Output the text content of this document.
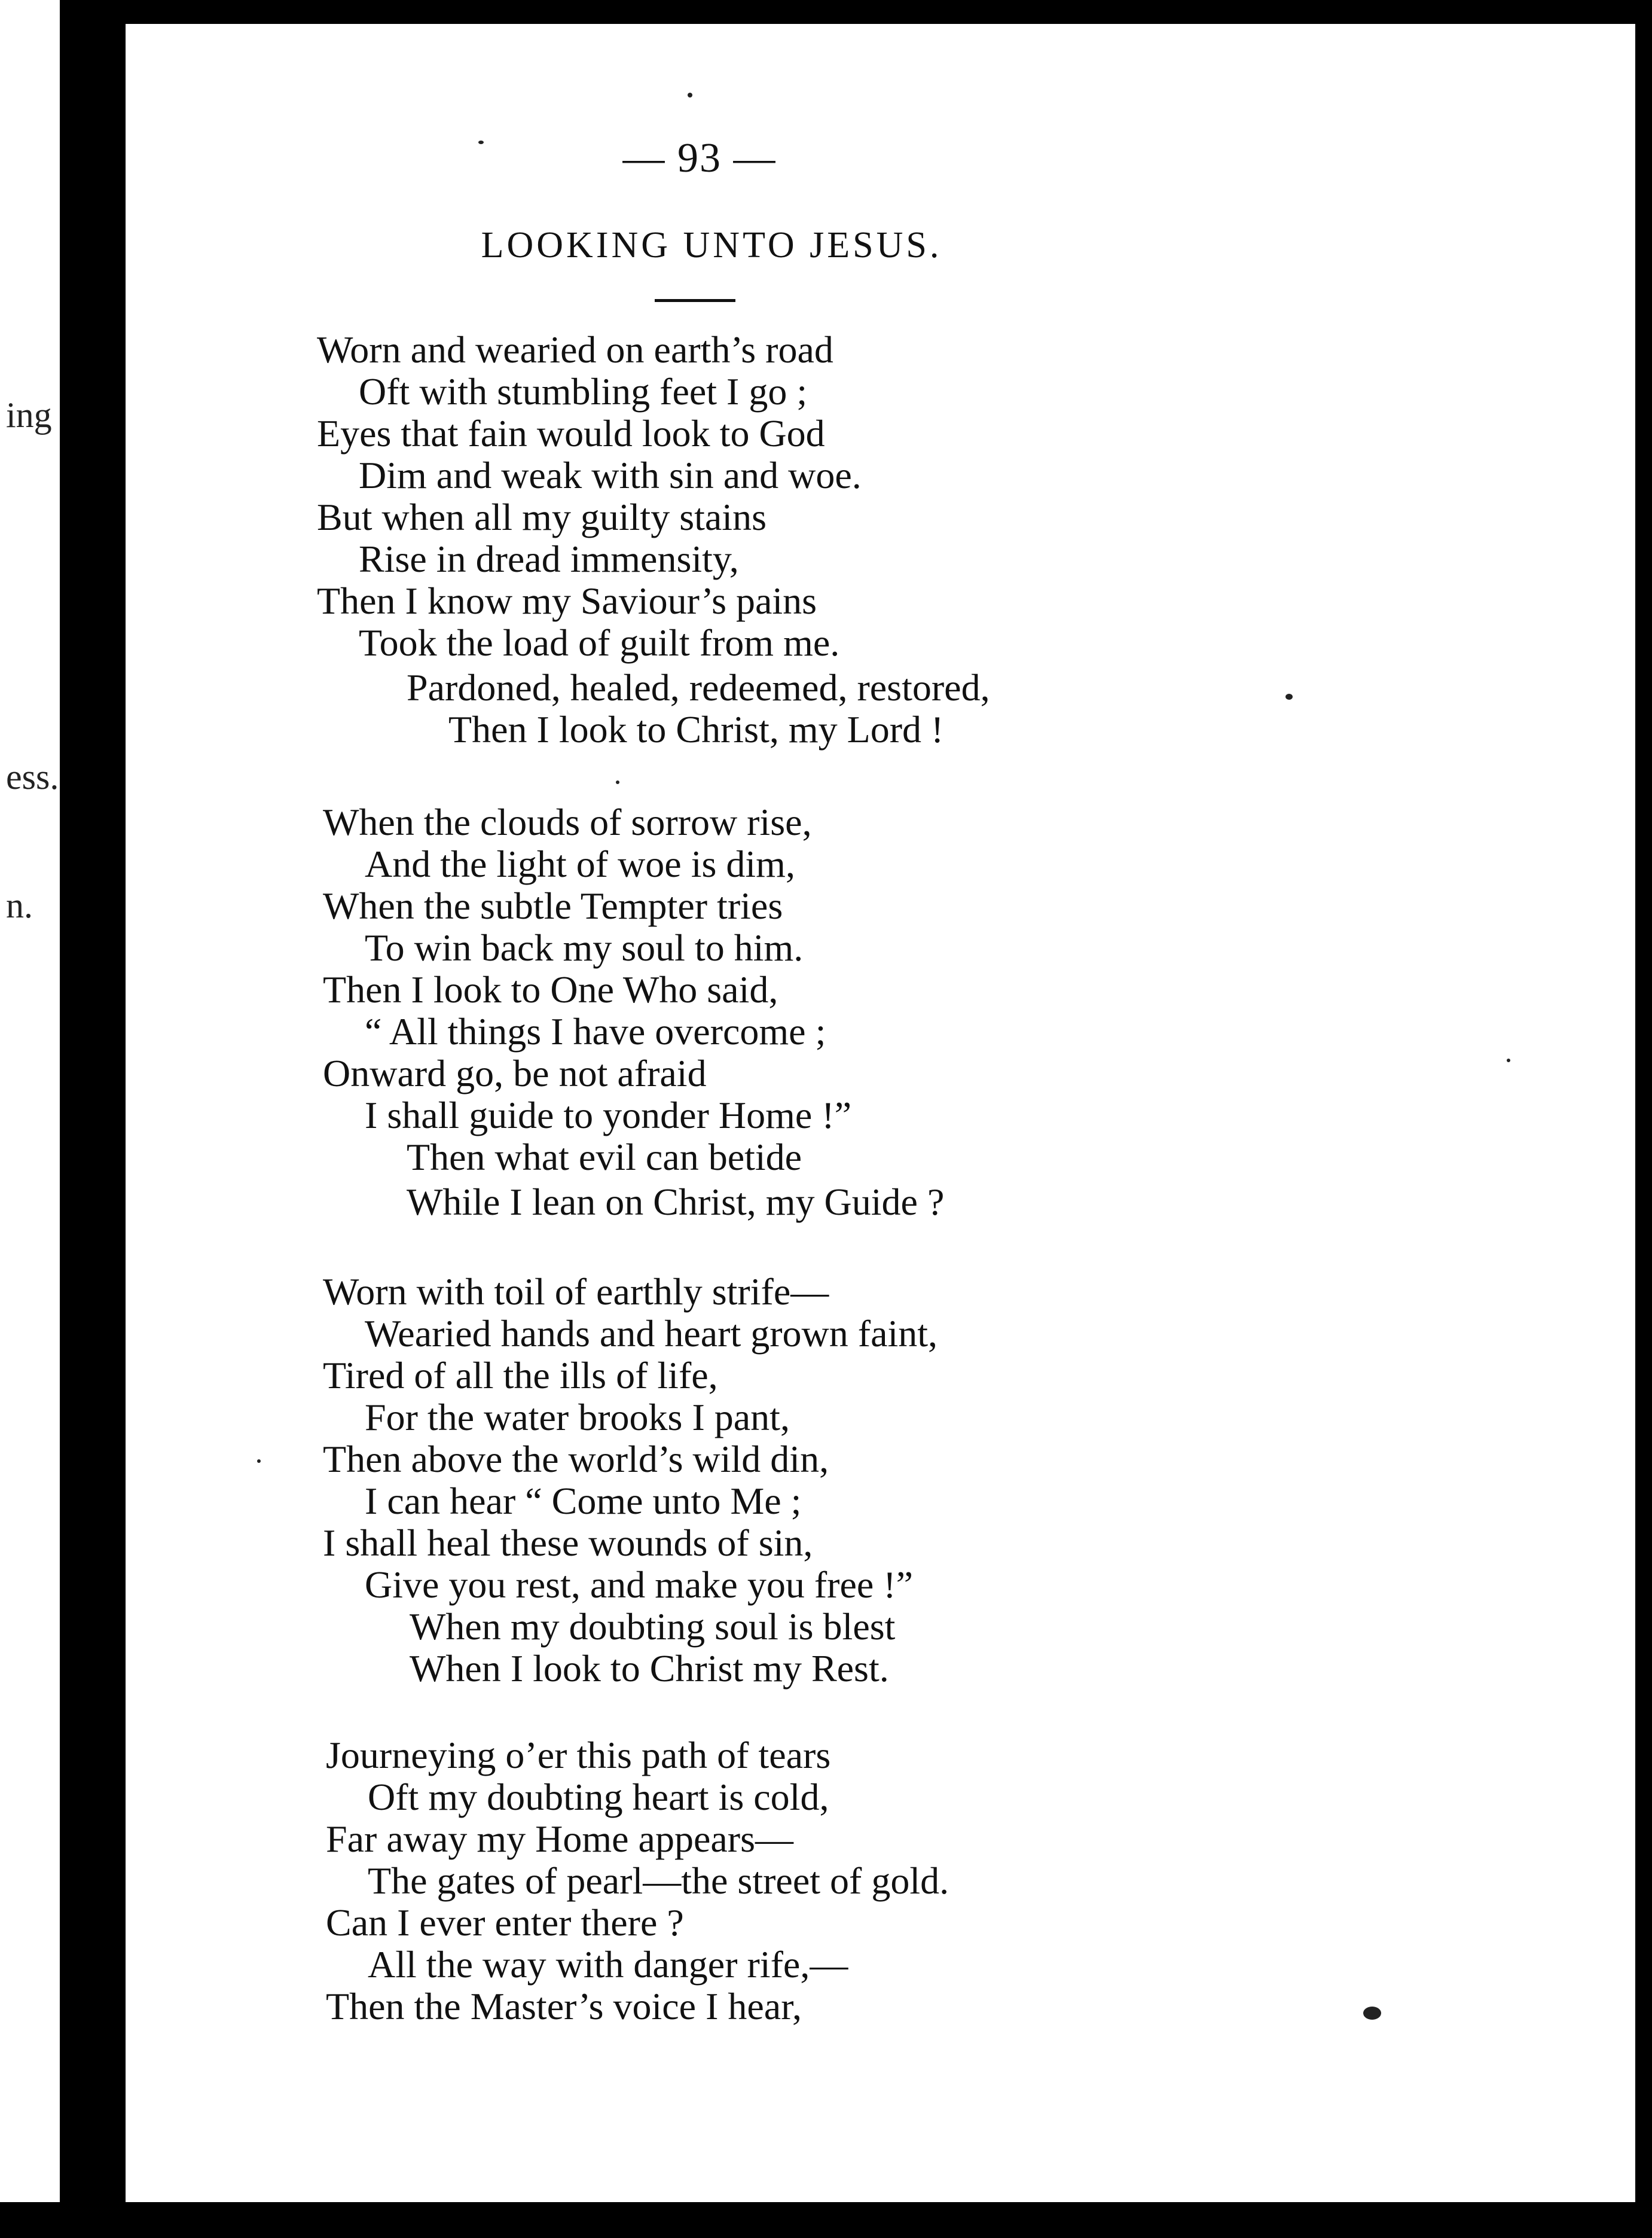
ing
ess.
n.
— 93 —
LOOKING UNTO JESUS.
Worn and wearied on earth’s road
Oft with stumbling feet I go ;
Eyes that fain would look to God
Dim and weak with sin and woe.
But when all my guilty stains
Rise in dread immensity,
Then I know my Saviour’s pains
Took the load of guilt from me.
Pardoned, healed, redeemed, restored,
Then I look to Christ, my Lord !
When the clouds of sorrow rise,
And the light of woe is dim,
When the subtle Tempter tries
To win back my soul to him.
Then I look to One Who said,
“ All things I have overcome ;
Onward go, be not afraid
I shall guide to yonder Home !”
Then what evil can betide
While I lean on Christ, my Guide ?
Worn with toil of earthly strife—
Wearied hands and heart grown faint,
Tired of all the ills of life,
For the water brooks I pant,
Then above the world’s wild din,
I can hear “ Come unto Me ;
I shall heal these wounds of sin,
Give you rest, and make you free !”
When my doubting soul is blest
When I look to Christ my Rest.
Journeying o’er this path of tears
Oft my doubting heart is cold,
Far away my Home appears—
The gates of pearl—the street of gold.
Can I ever enter there ?
All the way with danger rife,—
Then the Master’s voice I hear,
